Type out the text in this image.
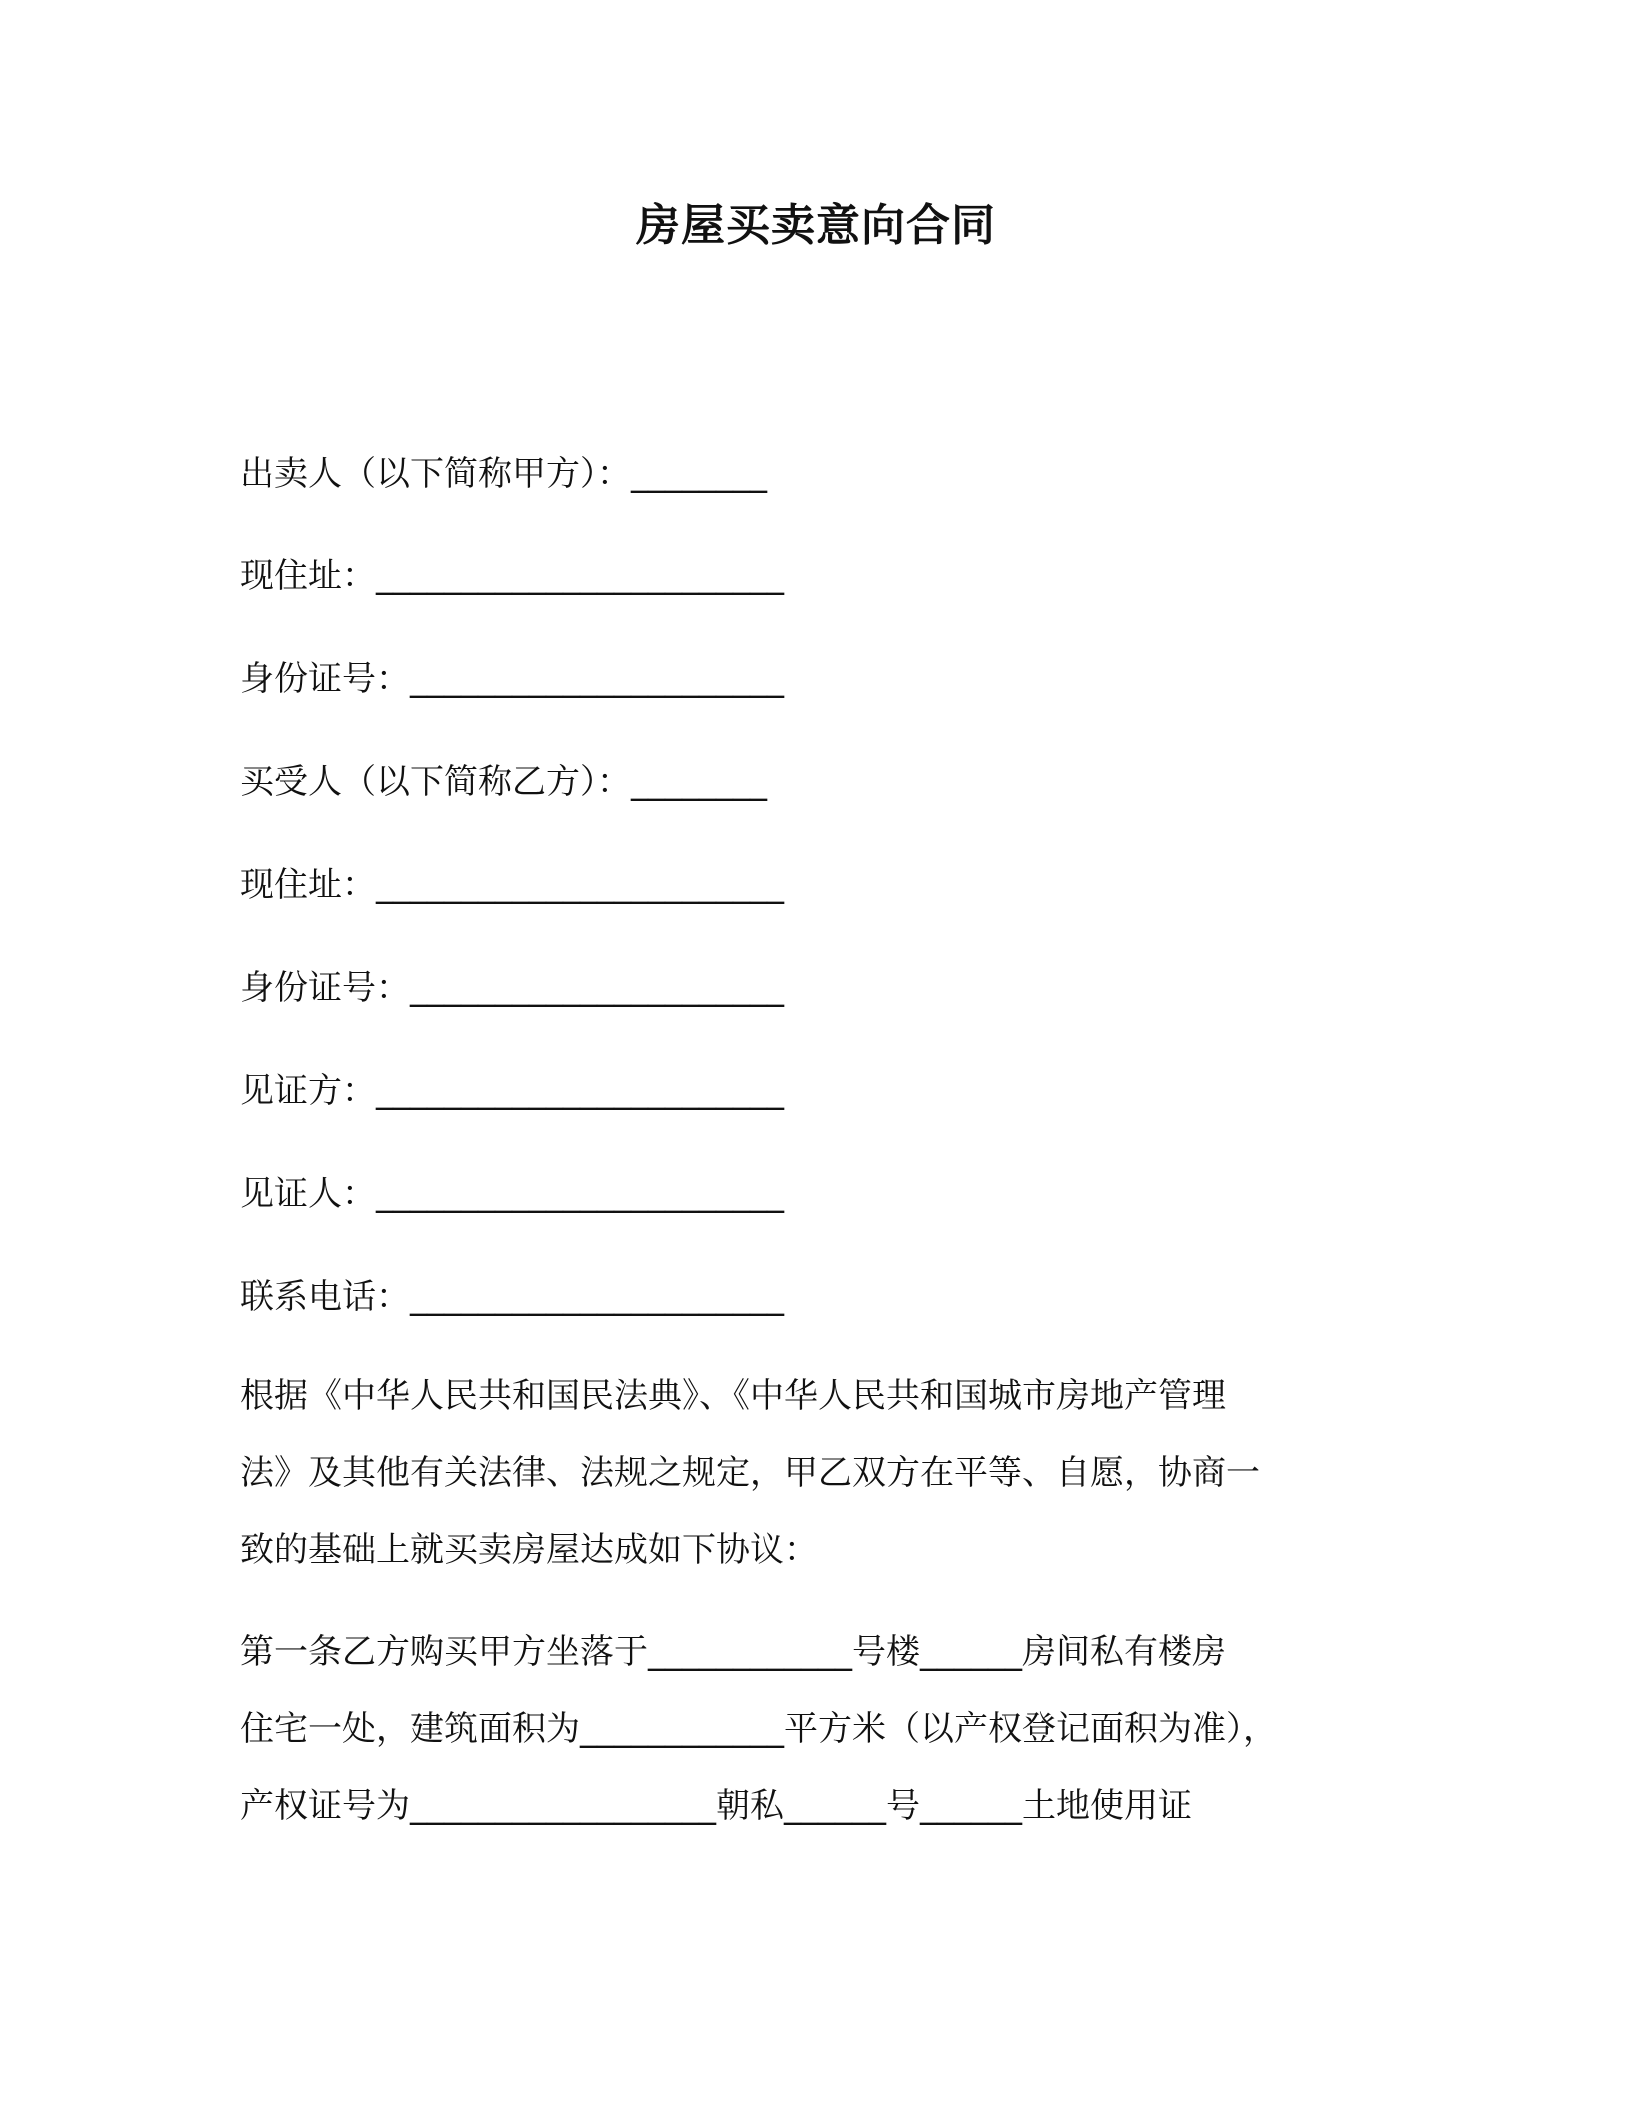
房屋买卖意向合同
出卖人（以下简称甲方）：________
现住址：________________________
身份证号：______________________
买受人（以下简称乙方）：________
现住址：________________________
身份证号：______________________
见证方：________________________
见证人：________________________
联系电话：______________________
根据《中华人民共和国民法典》、《中华人民共和国城市房地产管理
法》及其他有关法律、法规之规定，甲乙双方在平等、自愿，协商一
致的基础上就买卖房屋达成如下协议：
第一条乙方购买甲方坐落于____________号楼______房间私有楼房
住宅一处，建筑面积为____________平方米（以产权登记面积为准），
产权证号为__________________朝私______号______土地使用证
